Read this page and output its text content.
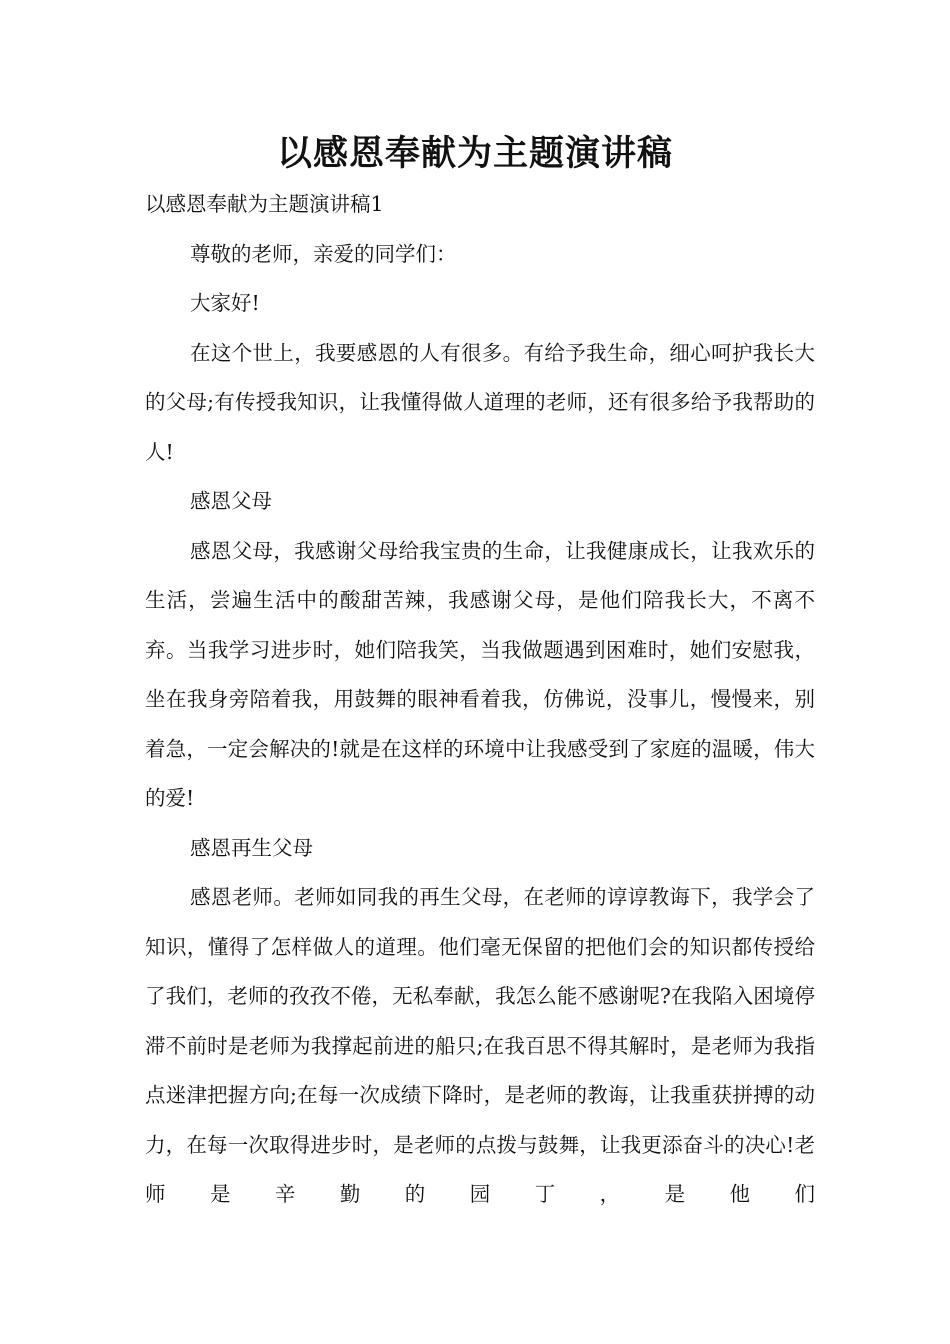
以感恩奉献为主题演讲稿

以感恩奉献为主题演讲稿1

尊敬的老师，亲爱的同学们：

大家好!

在这个世上，我要感恩的人有很多。有给予我生命，细心呵护我长大的父母;有传授我知识，让我懂得做人道理的老师，还有很多给予我帮助的人!

感恩父母

感恩父母，我感谢父母给我宝贵的生命，让我健康成长，让我欢乐的生活，尝遍生活中的酸甜苦辣，我感谢父母，是他们陪我长大，不离不弃。当我学习进步时，她们陪我笑，当我做题遇到困难时，她们安慰我，坐在我身旁陪着我，用鼓舞的眼神看着我，仿佛说，没事儿，慢慢来，别着急，一定会解决的!就是在这样的环境中让我感受到了家庭的温暖，伟大的爱!

感恩再生父母

感恩老师。老师如同我的再生父母，在老师的谆谆教诲下，我学会了知识，懂得了怎样做人的道理。他们毫无保留的把他们会的知识都传授给了我们，老师的孜孜不倦，无私奉献，我怎么能不感谢呢?在我陷入困境停滞不前时是老师为我撑起前进的船只;在我百思不得其解时，是老师为我指点迷津把握方向;在每一次成绩下降时，是老师的教诲，让我重获拼搏的动力，在每一次取得进步时，是老师的点拨与鼓舞，让我更添奋斗的决心!老师是辛勤的园丁，是他们
